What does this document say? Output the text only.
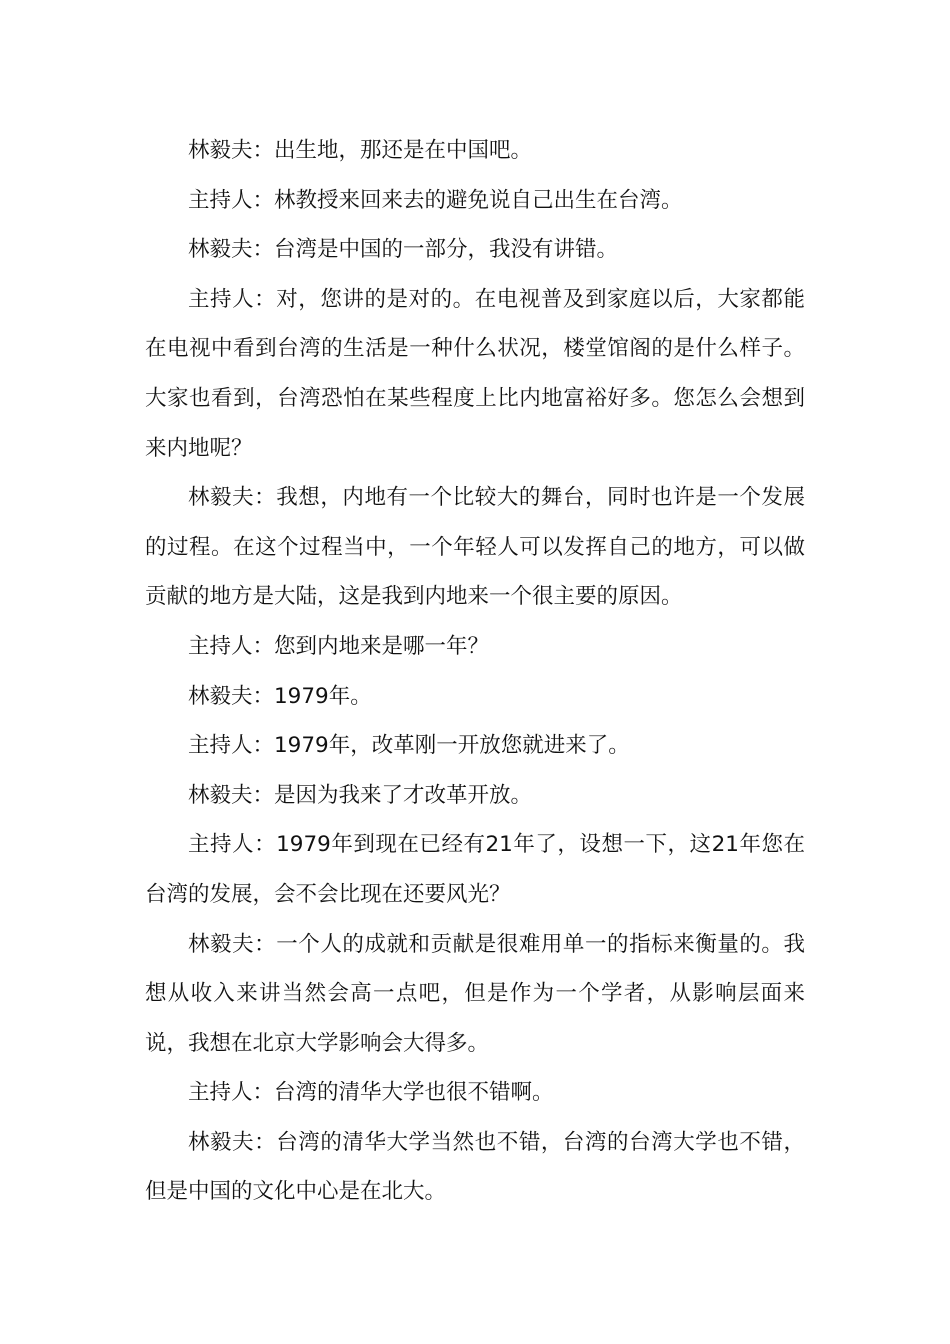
林毅夫：出生地，那还是在中国吧。

主持人：林教授来回来去的避免说自己出生在台湾。

林毅夫：台湾是中国的一部分，我没有讲错。

主持人：对，您讲的是对的。在电视普及到家庭以后，大家都能在电视中看到台湾的生活是一种什么状况，楼堂馆阁的是什么样子。大家也看到，台湾恐怕在某些程度上比内地富裕好多。您怎么会想到来内地呢？

林毅夫：我想，内地有一个比较大的舞台，同时也许是一个发展的过程。在这个过程当中，一个年轻人可以发挥自己的地方，可以做贡献的地方是大陆，这是我到内地来一个很主要的原因。

主持人：您到内地来是哪一年？

林毅夫：1979年。

主持人：1979年，改革刚一开放您就进来了。

林毅夫：是因为我来了才改革开放。

主持人：1979年到现在已经有21年了，设想一下，这21年您在台湾的发展，会不会比现在还要风光？

林毅夫：一个人的成就和贡献是很难用单一的指标来衡量的。我想从收入来讲当然会高一点吧，但是作为一个学者，从影响层面来说，我想在北京大学影响会大得多。

主持人：台湾的清华大学也很不错啊。

林毅夫：台湾的清华大学当然也不错，台湾的台湾大学也不错，但是中国的文化中心是在北大。
